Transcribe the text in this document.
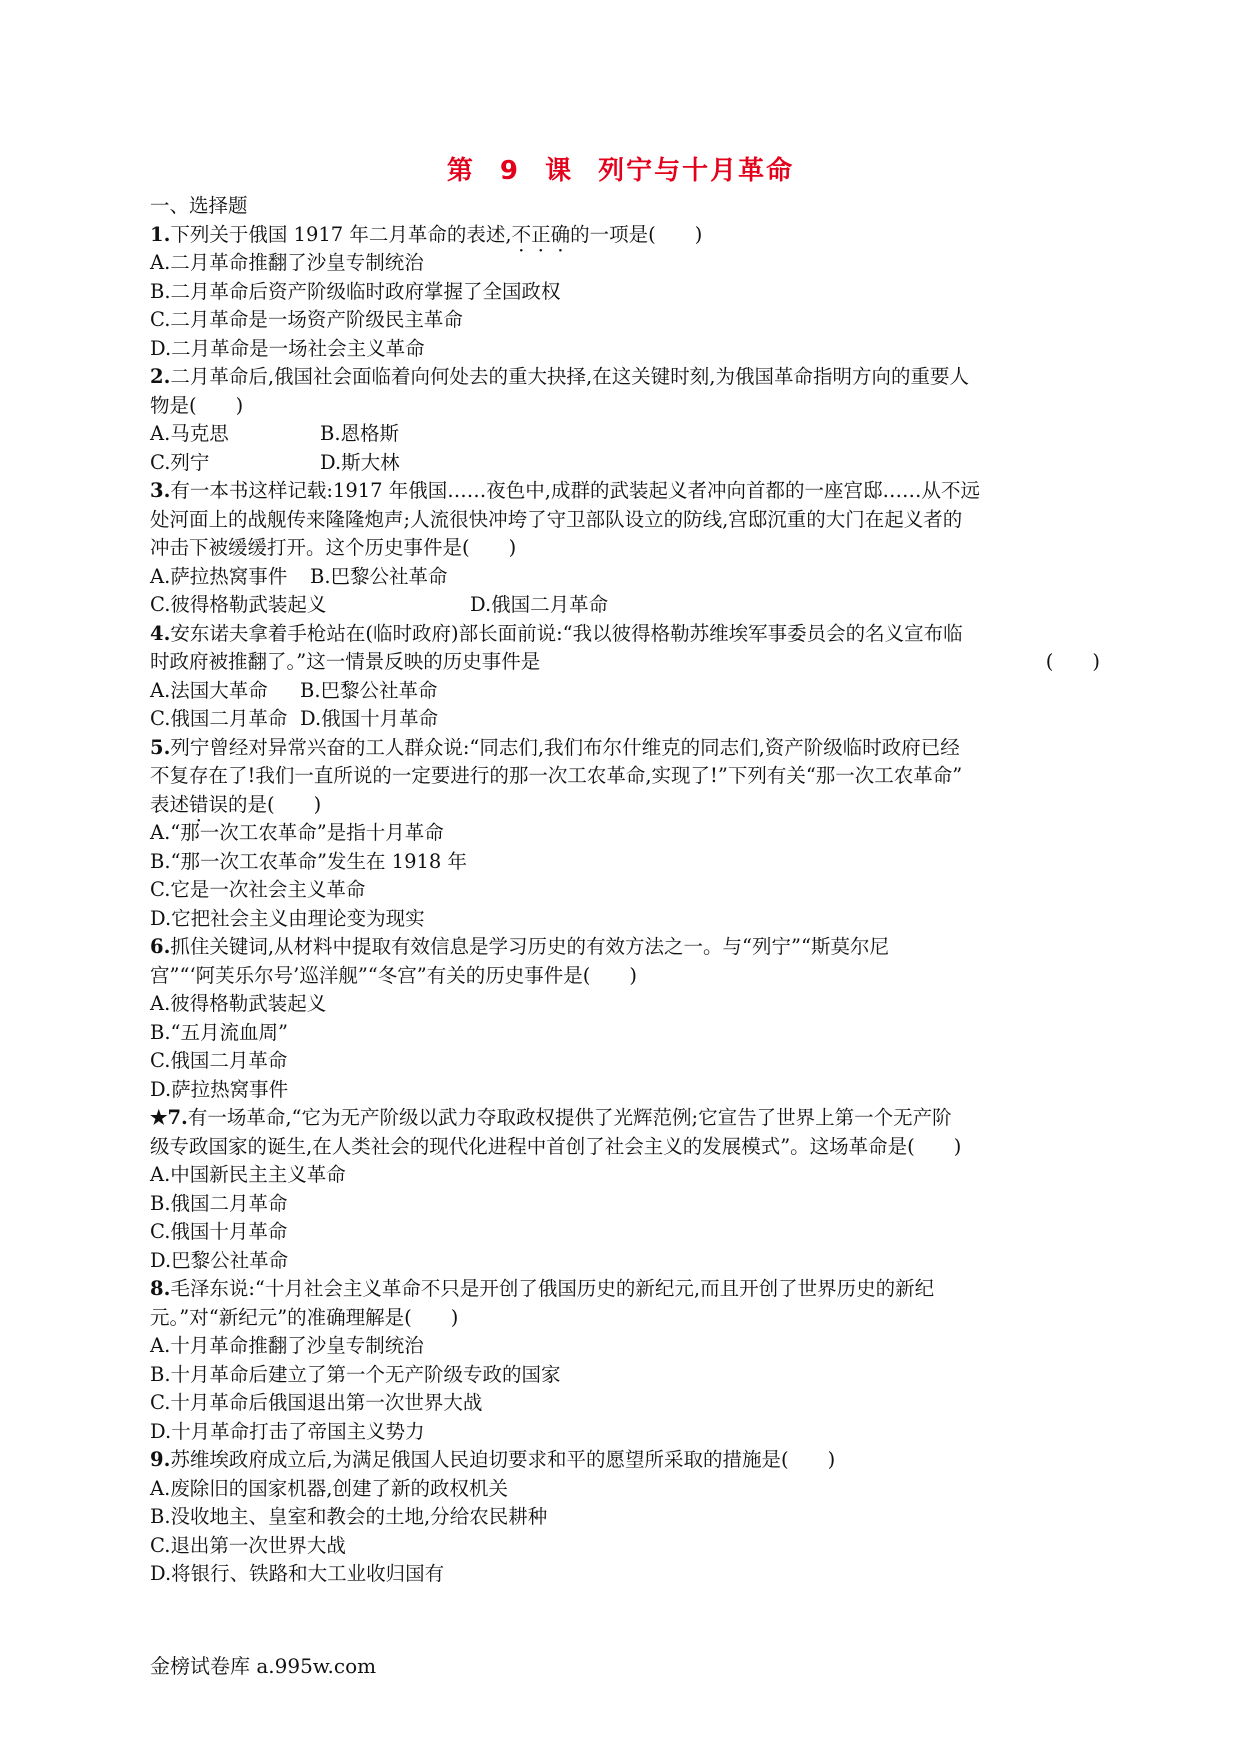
第 9 课 列宁与十月革命

一、选择题

1.下列关于俄国 1917 年二月革命的表述,不正确的一项是(　　)

A.二月革命推翻了沙皇专制统治

B.二月革命后资产阶级临时政府掌握了全国政权

C.二月革命是一场资产阶级民主革命

D.二月革命是一场社会主义革命

2.二月革命后,俄国社会面临着向何处去的重大抉择,在这关键时刻,为俄国革命指明方向的重要人

物是(　　)

A.马克思	B.恩格斯
C.列宁	D.斯大林

3.有一本书这样记载:1917 年俄国……夜色中,成群的武装起义者冲向首都的一座宫邸……从不远

处河面上的战舰传来隆隆炮声;人流很快冲垮了守卫部队设立的防线,宫邸沉重的大门在起义者的

冲击下被缓缓打开。这个历史事件是(　　)

A.萨拉热窝事件	B.巴黎公社革命
C.彼得格勒武装起义	D.俄国二月革命

4.安东诺夫拿着手枪站在(临时政府)部长面前说:“我以彼得格勒苏维埃军事委员会的名义宣布临

时政府被推翻了。”这一情景反映的历史事件是	(　　)

A.法国大革命	B.巴黎公社革命
C.俄国二月革命 D.俄国十月革命

5.列宁曾经对异常兴奋的工人群众说:“同志们,我们布尔什维克的同志们,资产阶级临时政府已经

不复存在了!我们一直所说的一定要进行的那一次工农革命,实现了!”下列有关“那一次工农革命”

表述错误的是(　　)

A.“那一次工农革命”是指十月革命

B.“那一次工农革命”发生在 1918 年

C.它是一次社会主义革命

D.它把社会主义由理论变为现实

6.抓住关键词,从材料中提取有效信息是学习历史的有效方法之一。与“列宁”“斯莫尔尼

宫”“‘阿芙乐尔号’巡洋舰”“冬宫”有关的历史事件是(　　)

A.彼得格勒武装起义

B.“五月流血周”

C.俄国二月革命

D.萨拉热窝事件

★7.有一场革命,“它为无产阶级以武力夺取政权提供了光辉范例;它宣告了世界上第一个无产阶

级专政国家的诞生,在人类社会的现代化进程中首创了社会主义的发展模式”。这场革命是(　　)

A.中国新民主主义革命

B.俄国二月革命

C.俄国十月革命

D.巴黎公社革命

8.毛泽东说:“十月社会主义革命不只是开创了俄国历史的新纪元,而且开创了世界历史的新纪

元。”对“新纪元”的准确理解是(　　)

A.十月革命推翻了沙皇专制统治

B.十月革命后建立了第一个无产阶级专政的国家

C.十月革命后俄国退出第一次世界大战

D.十月革命打击了帝国主义势力

9.苏维埃政府成立后,为满足俄国人民迫切要求和平的愿望所采取的措施是(　　)

A.废除旧的国家机器,创建了新的政权机关

B.没收地主、皇室和教会的土地,分给农民耕种

C.退出第一次世界大战

D.将银行、铁路和大工业收归国有

金榜试卷库 a.995w.com
